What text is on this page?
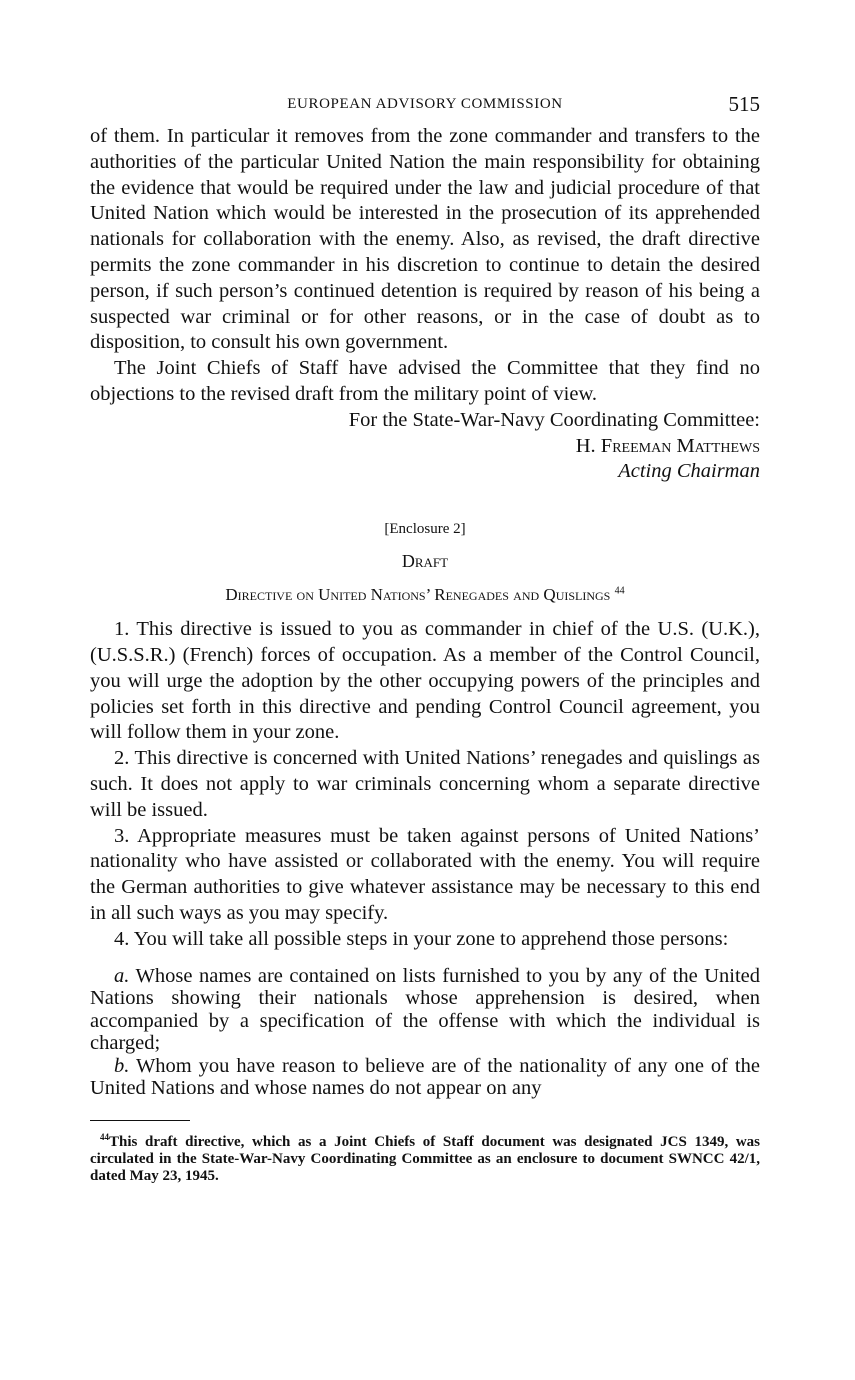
EUROPEAN ADVISORY COMMISSION	515

of them. In particular it removes from the zone commander and transfers to the authorities of the particular United Nation the main responsibility for obtaining the evidence that would be required under the law and judicial procedure of that United Nation which would be interested in the prosecution of its apprehended nationals for collaboration with the enemy. Also, as revised, the draft directive permits the zone commander in his discretion to continue to detain the desired person, if such person’s continued detention is required by reason of his being a suspected war criminal or for other reasons, or in the case of doubt as to disposition, to consult his own government.

The Joint Chiefs of Staff have advised the Committee that they find no objections to the revised draft from the military point of view.

For the State-War-Navy Coordinating Committee:
H. Freeman Matthews
Acting Chairman
[Enclosure 2]
Draft
Directive on United Nations’ Renegades and Quislings $^{44}$

1. This directive is issued to you as commander in chief of the U.S. (U.K.), (U.S.S.R.) (French) forces of occupation. As a member of the Control Council, you will urge the adoption by the other occupying powers of the principles and policies set forth in this directive and pending Control Council agreement, you will follow them in your zone.

2. This directive is concerned with United Nations’ renegades and quislings as such. It does not apply to war criminals concerning whom a separate directive will be issued.

3. Appropriate measures must be taken against persons of United Nations’ nationality who have assisted or collaborated with the enemy. You will require the German authorities to give whatever assistance may be necessary to this end in all such ways as you may specify.

4. You will take all possible steps in your zone to apprehend those persons:

a. Whose names are contained on lists furnished to you by any of the United Nations showing their nationals whose apprehension is desired, when accompanied by a specification of the offense with which the individual is charged;

b. Whom you have reason to believe are of the nationality of any one of the United Nations and whose names do not appear on any

$^{44}$This draft directive, which as a Joint Chiefs of Staff document was designated JCS 1349, was circulated in the State-War-Navy Coordinating Committee as an enclosure to document SWNCC 42/1, dated May 23, 1945.
